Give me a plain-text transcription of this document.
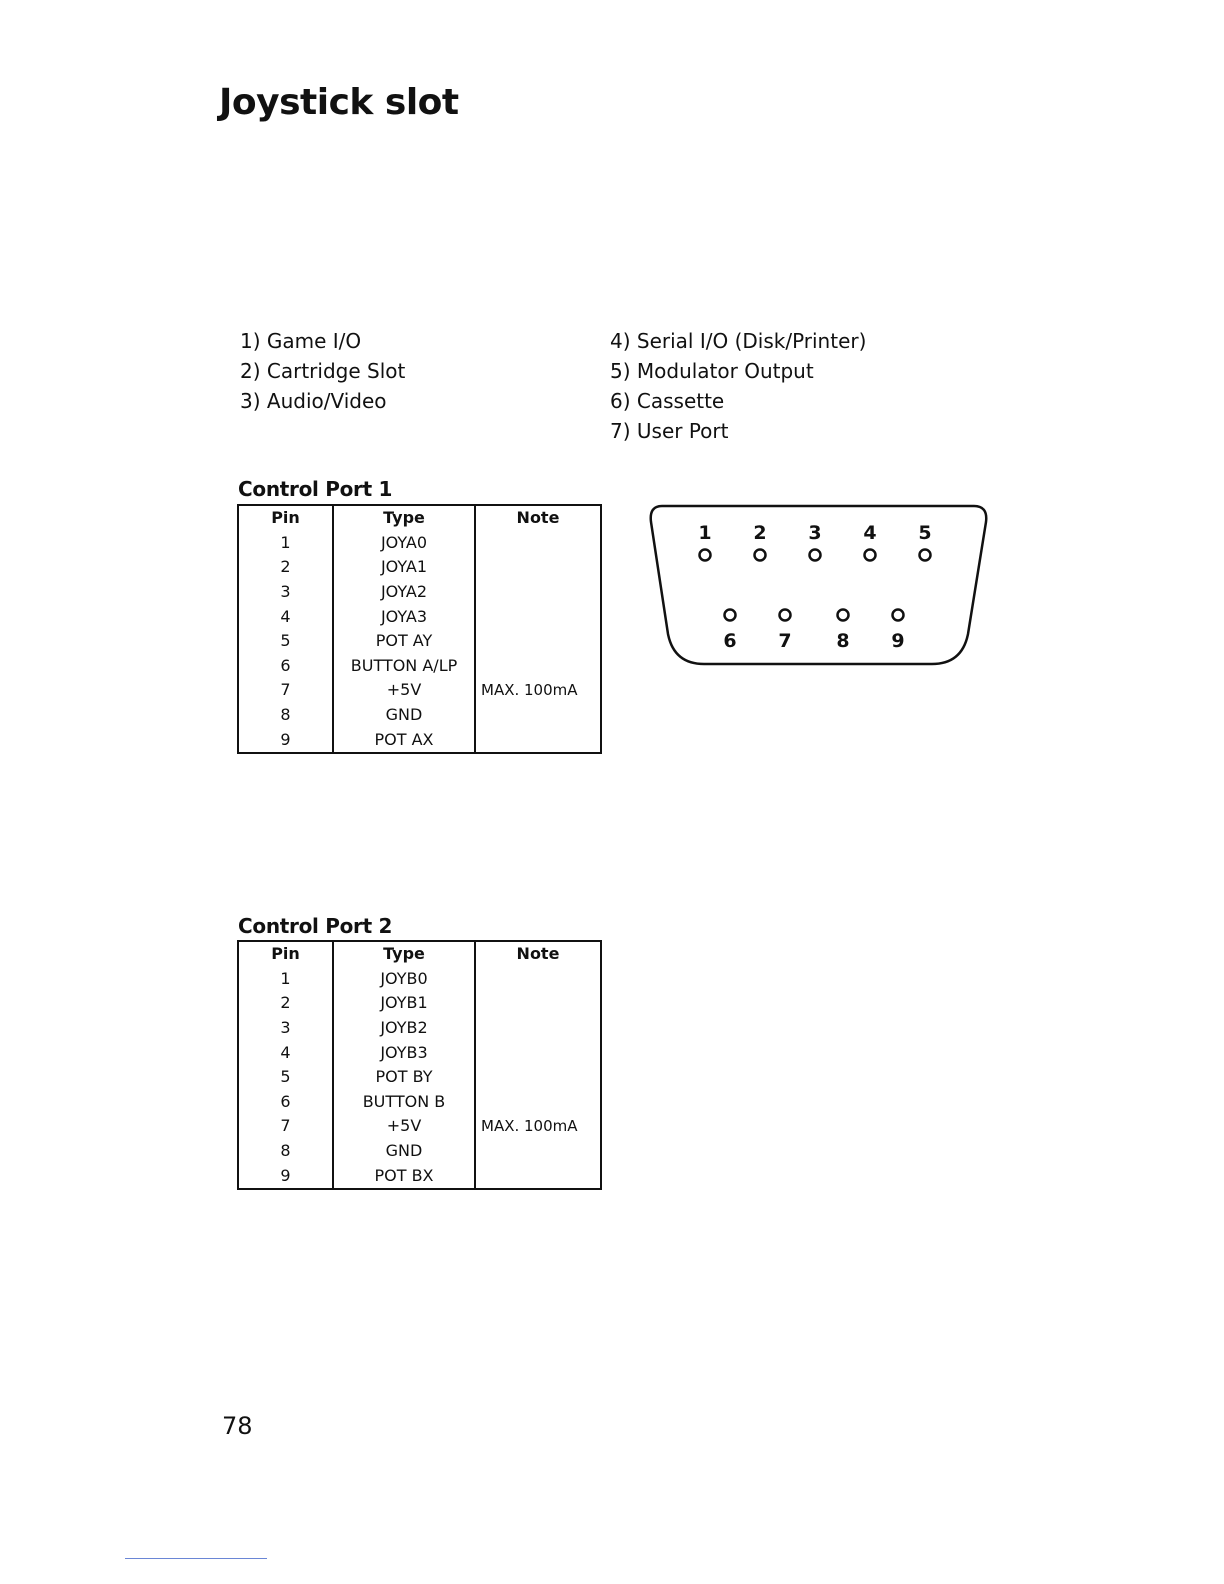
Joystick slot
1) Game I/O
2) Cartridge Slot
3) Audio/Video
4) Serial I/O (Disk/Printer)
5) Modulator Output
6) Cassette
7) User Port
Control Port 1
Pin	Type	Note
1	JOYA0	
2	JOYA1	
3	JOYA2	
4	JOYA3	
5	POT AY	
6	BUTTON A/LP	
7	+5V	MAX. 100mA
8	GND	
9	POT AX	
1 2 3 4 5
6 7 8 9
Control Port 2
Pin	Type	Note
1	JOYB0	
2	JOYB1	
3	JOYB2	
4	JOYB3	
5	POT BY	
6	BUTTON B	
7	+5V	MAX. 100mA
8	GND	
9	POT BX	
78
